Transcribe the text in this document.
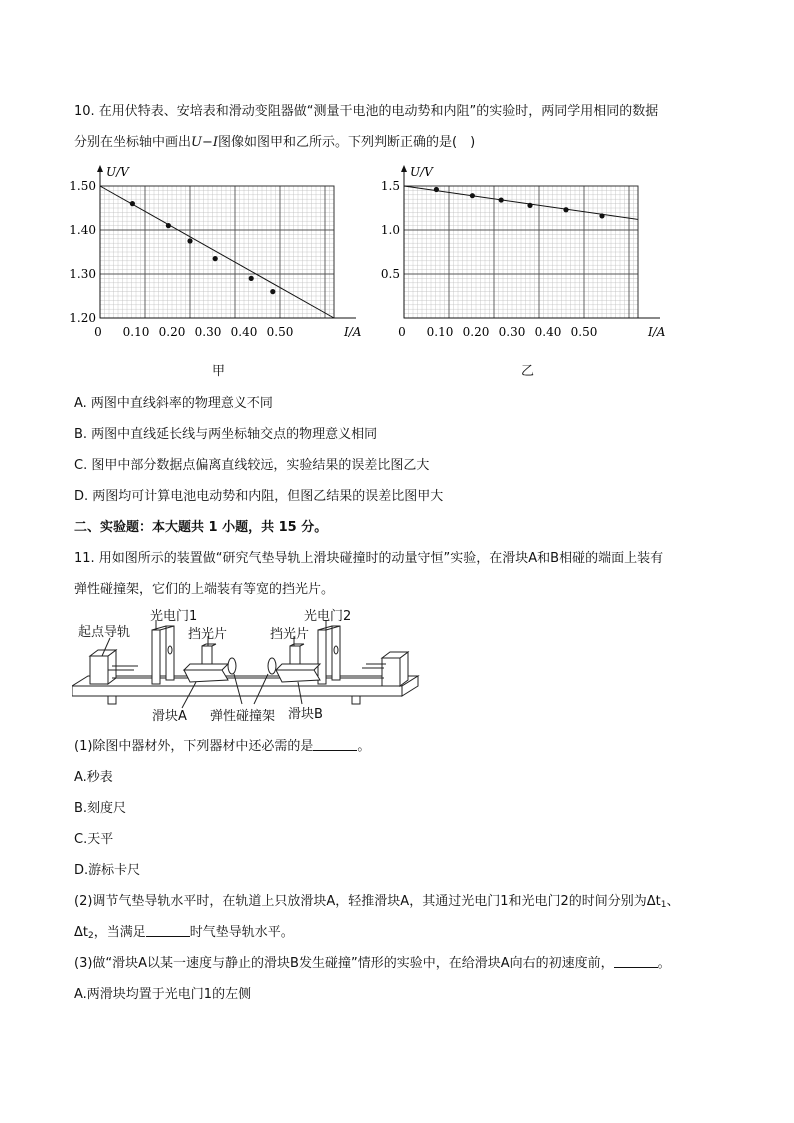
10. 在用伏特表、安培表和滑动变阻器做“测量干电池的电动势和内阻”的实验时，两同学用相同的数据
分别在坐标轴中画出U−I图像如图甲和乙所示。下列判断正确的是(　)
U/V
I/A
0 0.10 0.20 0.30 0.40 0.50
1.20
1.30
1.40
1.50
甲
U/V
I/A
0 0.10 0.20 0.30 0.40 0.50
0.5
1.0
1.5
乙
A. 两图中直线斜率的物理意义不同
B. 两图中直线延长线与两坐标轴交点的物理意义相同
C. 图甲中部分数据点偏离直线较远，实验结果的误差比图乙大
D. 两图均可计算电池电动势和内阻，但图乙结果的误差比图甲大
二、实验题：本大题共 1 小题，共 15 分。
11. 用如图所示的装置做“研究气垫导轨上滑块碰撞时的动量守恒”实验，在滑块A和B相碰的端面上装有
弹性碰撞架，它们的上端装有等宽的挡光片。
光电门1	光电门2
起点导轨	挡光片	挡光片
滑块A 弹性碰撞架 滑块B
(1)除图中器材外，下列器材中还必需的是	。
A.秒表
B.刻度尺
C.天平
D.游标卡尺
(2)调节气垫导轨水平时，在轨道上只放滑块A，轻推滑块A，其通过光电门1和光电门2的时间分别为$\Delta t_1$、
$\Delta t_2$，当满足	时气垫导轨水平。
(3)做“滑块A以某一速度与静止的滑块B发生碰撞”情形的实验中，在给滑块A向右的初速度前，	。
A.两滑块均置于光电门1的左侧
